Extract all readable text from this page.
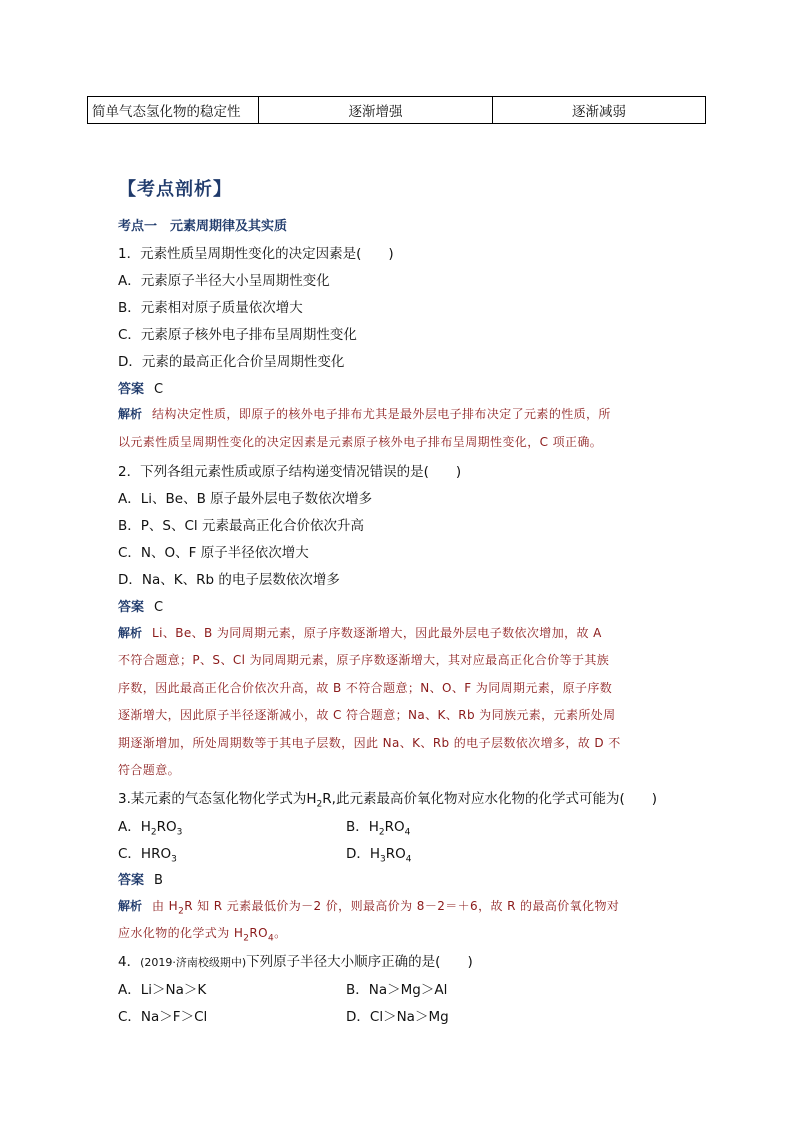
简单气态氢化物的稳定性	逐渐增强	逐渐减弱
【考点剖析】
考点一　元素周期律及其实质
1．元素性质呈周期性变化的决定因素是(　　)
A．元素原子半径大小呈周期性变化
B．元素相对原子质量依次增大
C．元素原子核外电子排布呈周期性变化
D．元素的最高正化合价呈周期性变化
答案 C
解析 结构决定性质，即原子的核外电子排布尤其是最外层电子排布决定了元素的性质，所
以元素性质呈周期性变化的决定因素是元素原子核外电子排布呈周期性变化，C 项正确。
2．下列各组元素性质或原子结构递变情况错误的是(　　)
A．Li、Be、B 原子最外层电子数依次增多
B．P、S、Cl 元素最高正化合价依次升高
C．N、O、F 原子半径依次增大
D．Na、K、Rb 的电子层数依次增多
答案 C
解析 Li、Be、B 为同周期元素，原子序数逐渐增大，因此最外层电子数依次增加，故 A
不符合题意；P、S、Cl 为同周期元素，原子序数逐渐增大，其对应最高正化合价等于其族
序数，因此最高正化合价依次升高，故 B 不符合题意；N、O、F 为同周期元素，原子序数
逐渐增大，因此原子半径逐渐减小，故 C 符合题意；Na、K、Rb 为同族元素，元素所处周
期逐渐增加，所处周期数等于其电子层数，因此 Na、K、Rb 的电子层数依次增多，故 D 不
符合题意。
3.某元素的气态氢化物化学式为$H_2R$,此元素最高价氧化物对应水化物的化学式可能为(　　)
A．$H_2RO_3$	B．$H_2RO_4$
C．$HRO_3$	D．$H_3RO_4$
答案 B
解析 由 $H_2R$ 知 R 元素最低价为－2 价，则最高价为 8－2＝＋6，故 R 的最高价氧化物对
应水化物的化学式为 $H_2RO_4$。
4．(2019·济南校级期中)下列原子半径大小顺序正确的是(　　)
A．Li＞Na＞K	B．Na＞Mg＞Al
C．Na＞F＞Cl	D．Cl＞Na＞Mg
